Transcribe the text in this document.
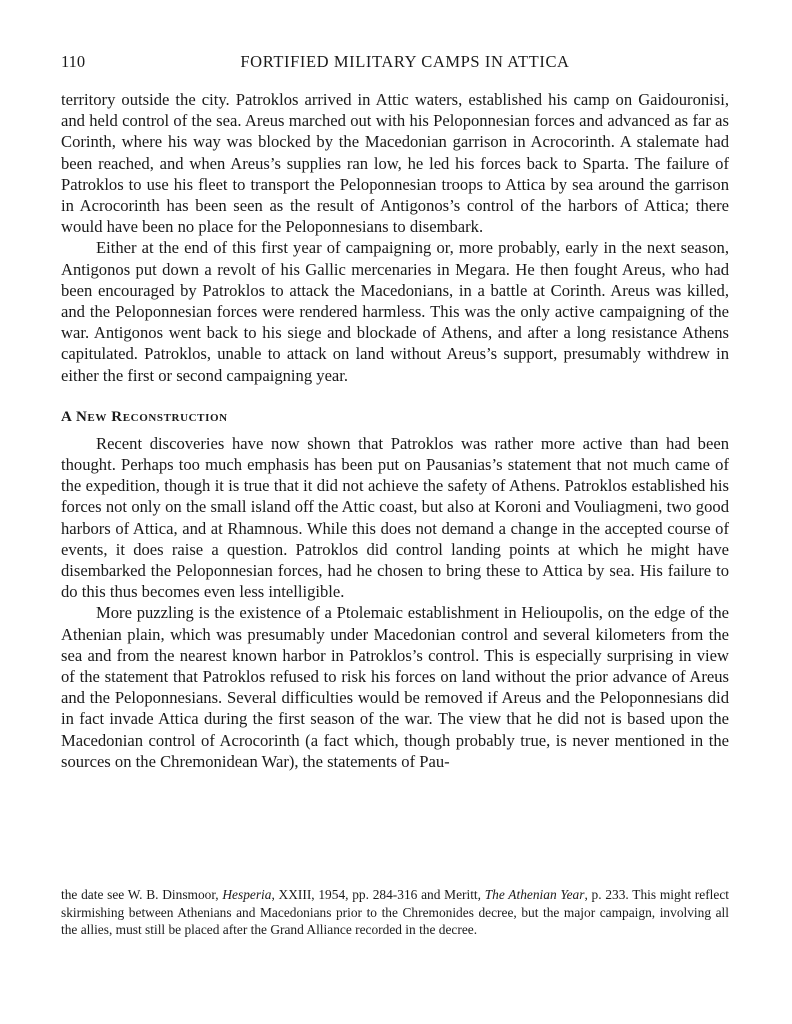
110	FORTIFIED MILITARY CAMPS IN ATTICA

territory outside the city. Patroklos arrived in Attic waters, established his camp on Gaidouronisi, and held control of the sea. Areus marched out with his Peloponnesian forces and advanced as far as Corinth, where his way was blocked by the Macedonian garrison in Acrocorinth. A stalemate had been reached, and when Areus’s supplies ran low, he led his forces back to Sparta. The failure of Patroklos to use his fleet to transport the Peloponnesian troops to Attica by sea around the garrison in Acrocorinth has been seen as the result of Antigonos’s control of the harbors of Attica; there would have been no place for the Peloponnesians to disembark.

Either at the end of this first year of campaigning or, more probably, early in the next season, Antigonos put down a revolt of his Gallic mercenaries in Megara. He then fought Areus, who had been encouraged by Patroklos to attack the Macedonians, in a battle at Corinth. Areus was killed, and the Peloponnesian forces were rendered harmless. This was the only active campaigning of the war. Antigonos went back to his siege and blockade of Athens, and after a long resistance Athens capitulated. Patroklos, unable to attack on land without Areus’s support, presumably withdrew in either the first or second campaigning year.

A New Reconstruction

Recent discoveries have now shown that Patroklos was rather more active than had been thought. Perhaps too much emphasis has been put on Pausanias’s statement that not much came of the expedition, though it is true that it did not achieve the safety of Athens. Patroklos established his forces not only on the small island off the Attic coast, but also at Koroni and Vouliagmeni, two good harbors of Attica, and at Rhamnous. While this does not demand a change in the accepted course of events, it does raise a question. Patroklos did control landing points at which he might have disembarked the Peloponnesian forces, had he chosen to bring these to Attica by sea. His failure to do this thus becomes even less intelligible.

More puzzling is the existence of a Ptolemaic establishment in Helioupolis, on the edge of the Athenian plain, which was presumably under Macedonian control and several kilometers from the sea and from the nearest known harbor in Patroklos’s control. This is especially surprising in view of the statement that Patroklos refused to risk his forces on land without the prior advance of Areus and the Peloponnesians. Several difficulties would be removed if Areus and the Peloponnesians did in fact invade Attica during the first season of the war. The view that he did not is based upon the Macedonian control of Acrocorinth (a fact which, though probably true, is never mentioned in the sources on the Chremonidean War), the statements of Pau-

the date see W. B. Dinsmoor, Hesperia, XXIII, 1954, pp. 284-316 and Meritt, The Athenian Year, p. 233. This might reflect skirmishing between Athenians and Macedonians prior to the Chremonides decree, but the major campaign, involving all the allies, must still be placed after the Grand Alliance recorded in the decree.
